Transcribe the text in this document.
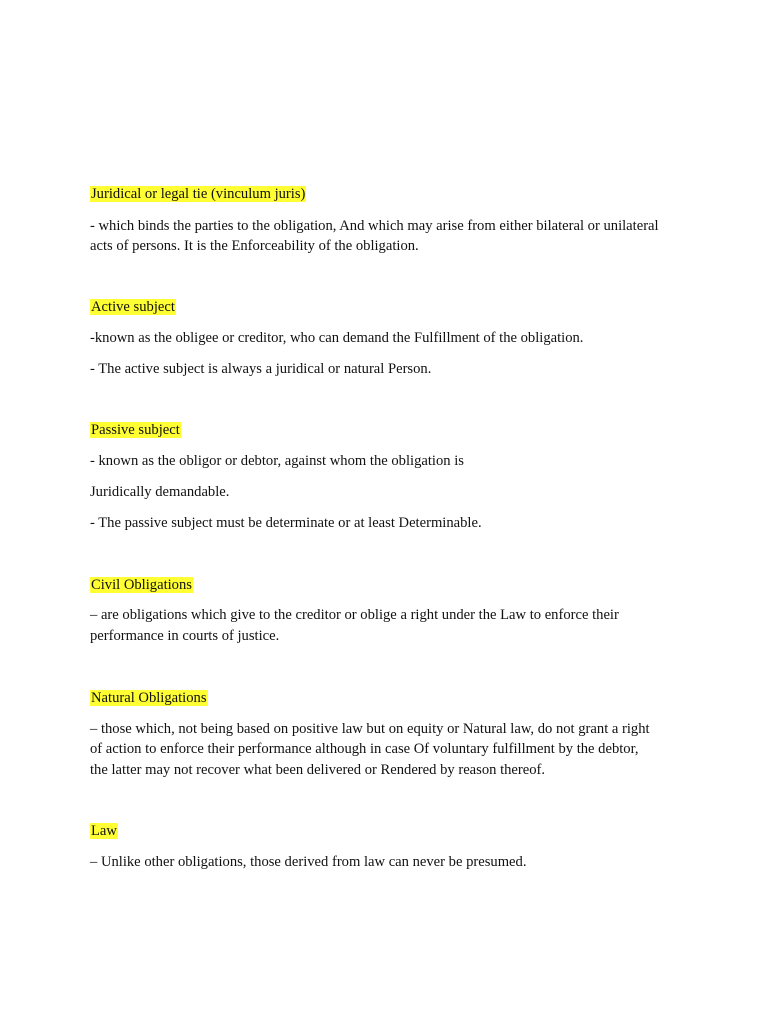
Juridical or legal tie (vinculum juris)

- which binds the parties to the obligation, And which may arise from either bilateral or unilateral

acts of persons. It is the Enforceability of the obligation.

Active subject

-known as the obligee or creditor, who can demand the Fulfillment of the obligation.

- The active subject is always a juridical or natural Person.

Passive subject

- known as the obligor or debtor, against whom the obligation is

Juridically demandable.

- The passive subject must be determinate or at least Determinable.

Civil Obligations

– are obligations which give to the creditor or oblige a right under the Law to enforce their

performance in courts of justice.

Natural Obligations

– those which, not being based on positive law but on equity or Natural law, do not grant a right

of action to enforce their performance although in case Of voluntary fulfillment by the debtor,

the latter may not recover what been delivered or Rendered by reason thereof.

Law

– Unlike other obligations, those derived from law can never be presumed.
